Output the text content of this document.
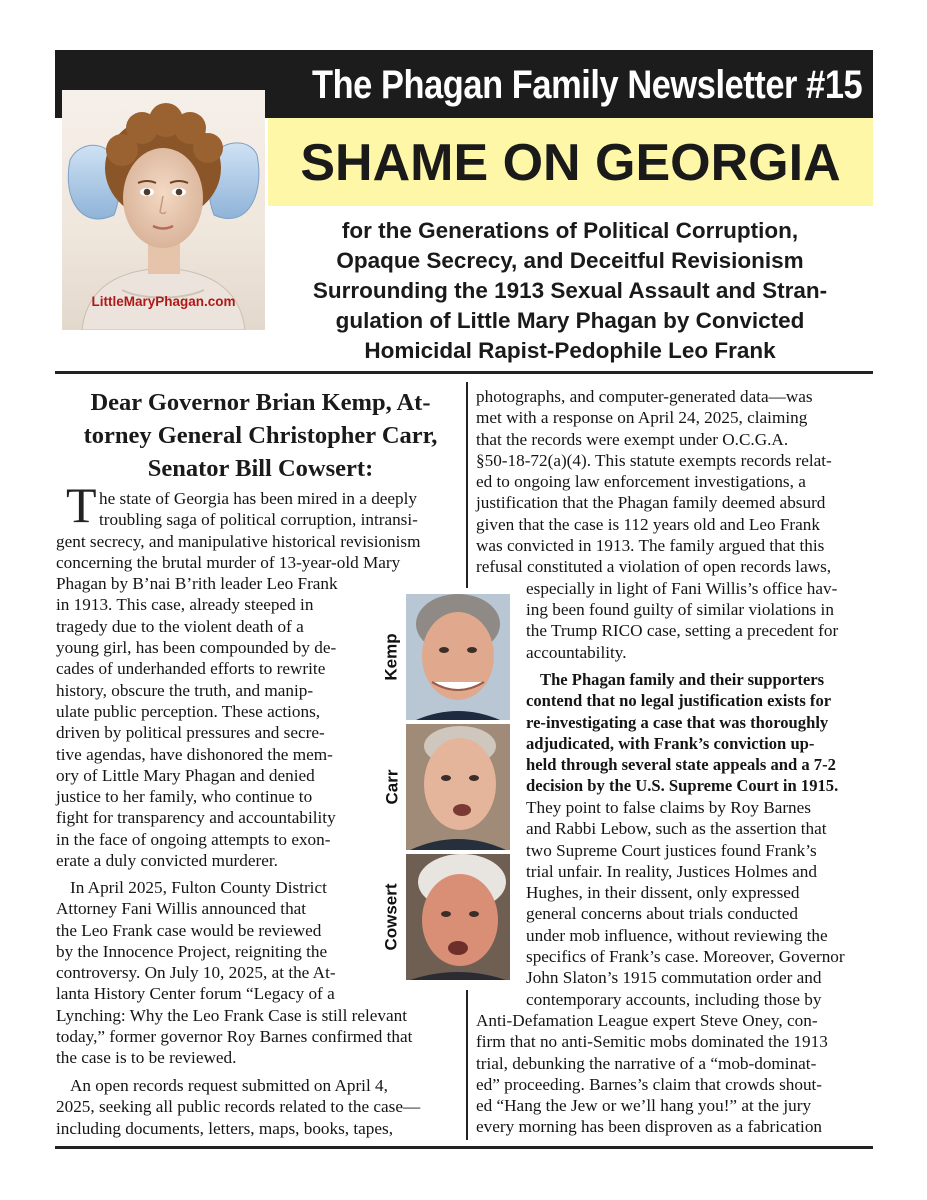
The Phagan Family Newsletter #15
SHAME ON GEORGIA
LittleMaryPhagan.com
for the Generations of Political Corruption,
Opaque Secrecy, and Deceitful Revisionism
Surrounding the 1913 Sexual Assault and Stran-
gulation of Little Mary Phagan by Convicted
Homicidal Rapist-Pedophile Leo Frank
Dear Governor Brian Kemp, At-
torney General Christopher Carr,
Senator Bill Cowsert:
T he state of Georgia has been mired in a deeply
troubling saga of political corruption, intransi-
gent secrecy, and manipulative historical revisionism
concerning the brutal murder of 13-year-old Mary
Phagan by B’nai B’rith leader Leo Frank
in 1913. This case, already steeped in
tragedy due to the violent death of a
young girl, has been compounded by de-
cades of underhanded efforts to rewrite
history, obscure the truth, and manip-
ulate public perception. These actions,
driven by political pressures and secre-
tive agendas, have dishonored the mem-
ory of Little Mary Phagan and denied
justice to her family, who continue to
fight for transparency and accountability
in the face of ongoing attempts to exon-
erate a duly convicted murderer.
In April 2025, Fulton County District
Attorney Fani Willis announced that
the Leo Frank case would be reviewed
by the Innocence Project, reigniting the
controversy. On July 10, 2025, at the At-
lanta History Center forum “Legacy of a
Lynching: Why the Leo Frank Case is still relevant
today,” former governor Roy Barnes confirmed that
the case is to be reviewed.
An open records request submitted on April 4,
2025, seeking all public records related to the case—
including documents, letters, maps, books, tapes,
photographs, and computer-generated data—was
met with a response on April 24, 2025, claiming
that the records were exempt under O.C.G.A.
§50-18-72(a)(4). This statute exempts records relat-
ed to ongoing law enforcement investigations, a
justification that the Phagan family deemed absurd
given that the case is 112 years old and Leo Frank
was convicted in 1913. The family argued that this
refusal constituted a violation of open records laws,
especially in light of Fani Willis’s office hav-
ing been found guilty of similar violations in
the Trump RICO case, setting a precedent for
accountability.
The Phagan family and their supporters
contend that no legal justification exists for
re-investigating a case that was thoroughly
adjudicated, with Frank’s conviction up-
held through several state appeals and a 7-2
decision by the U.S. Supreme Court in 1915.
They point to false claims by Roy Barnes
and Rabbi Lebow, such as the assertion that
two Supreme Court justices found Frank’s
trial unfair. In reality, Justices Holmes and
Hughes, in their dissent, only expressed
general concerns about trials conducted
under mob influence, without reviewing the
specifics of Frank’s case. Moreover, Governor
John Slaton’s 1915 commutation order and
contemporary accounts, including those by
Anti-Defamation League expert Steve Oney, con-
firm that no anti-Semitic mobs dominated the 1913
trial, debunking the narrative of a “mob-dominat-
ed” proceeding. Barnes’s claim that crowds shout-
ed “Hang the Jew or we’ll hang you!” at the jury
every morning has been disproven as a fabrication
Kemp
Carr
Cowsert
